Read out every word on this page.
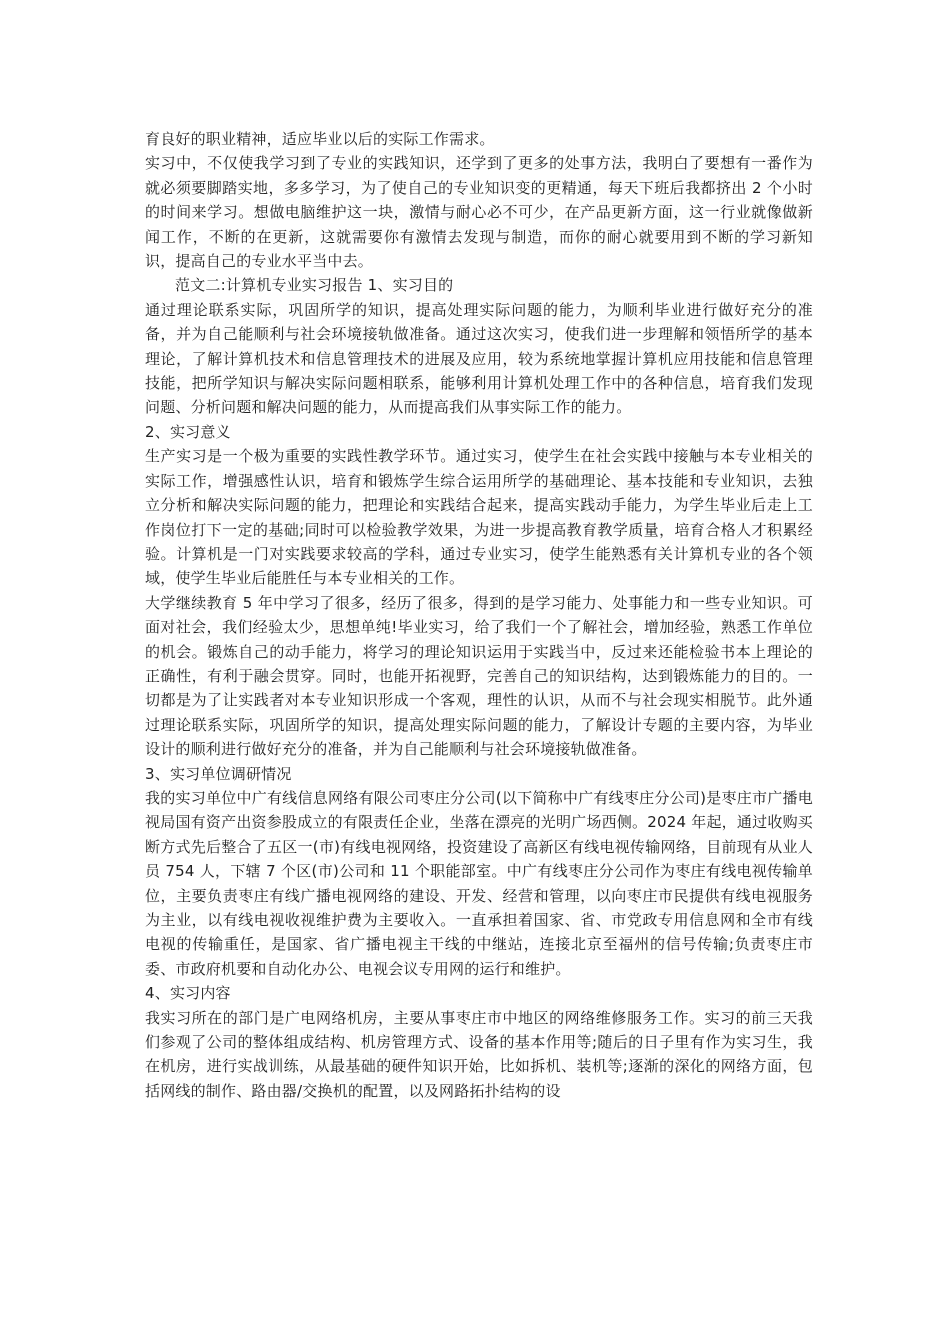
育良好的职业精神，适应毕业以后的实际工作需求。

实习中，不仅使我学习到了专业的实践知识，还学到了更多的处事方法，我明白了要想有一番作为就必须要脚踏实地，多多学习，为了使自己的专业知识变的更精通，每天下班后我都挤出 2 个小时的时间来学习。想做电脑维护这一块，激情与耐心必不可少，在产品更新方面，这一行业就像做新闻工作，不断的在更新，这就需要你有激情去发现与制造，而你的耐心就要用到不断的学习新知识，提高自己的专业水平当中去。

范文二:计算机专业实习报告 1、实习目的

通过理论联系实际，巩固所学的知识，提高处理实际问题的能力，为顺利毕业进行做好充分的准备，并为自己能顺利与社会环境接轨做准备。通过这次实习，使我们进一步理解和领悟所学的基本理论，了解计算机技术和信息管理技术的进展及应用，较为系统地掌握计算机应用技能和信息管理技能，把所学知识与解决实际问题相联系，能够利用计算机处理工作中的各种信息，培育我们发现问题、分析问题和解决问题的能力，从而提高我们从事实际工作的能力。

2、实习意义

生产实习是一个极为重要的实践性教学环节。通过实习，使学生在社会实践中接触与本专业相关的实际工作，增强感性认识，培育和锻炼学生综合运用所学的基础理论、基本技能和专业知识，去独立分析和解决实际问题的能力，把理论和实践结合起来，提高实践动手能力，为学生毕业后走上工作岗位打下一定的基础;同时可以检验教学效果，为进一步提高教育教学质量，培育合格人才积累经验。计算机是一门对实践要求较高的学科，通过专业实习，使学生能熟悉有关计算机专业的各个领域，使学生毕业后能胜任与本专业相关的工作。

大学继续教育 5 年中学习了很多，经历了很多，得到的是学习能力、处事能力和一些专业知识。可面对社会，我们经验太少，思想单纯!毕业实习，给了我们一个了解社会，增加经验，熟悉工作单位的机会。锻炼自己的动手能力，将学习的理论知识运用于实践当中，反过来还能检验书本上理论的正确性，有利于融会贯穿。同时，也能开拓视野，完善自己的知识结构，达到锻炼能力的目的。一切都是为了让实践者对本专业知识形成一个客观，理性的认识，从而不与社会现实相脱节。此外通过理论联系实际，巩固所学的知识，提高处理实际问题的能力，了解设计专题的主要内容，为毕业设计的顺利进行做好充分的准备，并为自己能顺利与社会环境接轨做准备。

3、实习单位调研情况

我的实习单位中广有线信息网络有限公司枣庄分公司(以下简称中广有线枣庄分公司)是枣庄市广播电视局国有资产出资参股成立的有限责任企业，坐落在漂亮的光明广场西侧。2024 年起，通过收购买断方式先后整合了五区一(市)有线电视网络，投资建设了高新区有线电视传输网络，目前现有从业人员 754 人，下辖 7 个区(市)公司和 11 个职能部室。中广有线枣庄分公司作为枣庄有线电视传输单位，主要负责枣庄有线广播电视网络的建设、开发、经营和管理，以向枣庄市民提供有线电视服务为主业，以有线电视收视维护费为主要收入。一直承担着国家、省、市党政专用信息网和全市有线电视的传输重任，是国家、省广播电视主干线的中继站，连接北京至福州的信号传输;负责枣庄市委、市政府机要和自动化办公、电视会议专用网的运行和维护。

4、实习内容

我实习所在的部门是广电网络机房，主要从事枣庄市中地区的网络维修服务工作。实习的前三天我们参观了公司的整体组成结构、机房管理方式、设备的基本作用等;随后的日子里有作为实习生，我在机房，进行实战训练，从最基础的硬件知识开始，比如拆机、装机等;逐渐的深化的网络方面，包括网线的制作、路由器/交换机的配置，以及网路拓扑结构的设
